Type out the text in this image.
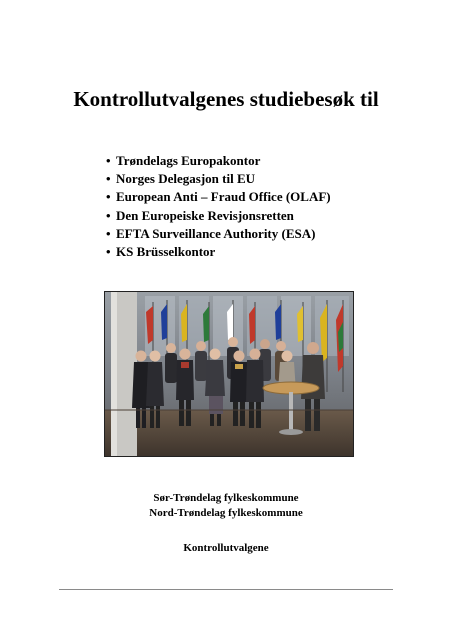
Kontrollutvalgenes studiebesøk til
• Trøndelags Europakontor
• Norges Delegasjon til EU
• European Anti – Fraud Office (OLAF)
• Den Europeiske Revisjonsretten
• EFTA Surveillance Authority (ESA)
• KS Brüsselkontor
Sør-Trøndelag fylkeskommune
Nord-Trøndelag fylkeskommune
Kontrollutvalgene
